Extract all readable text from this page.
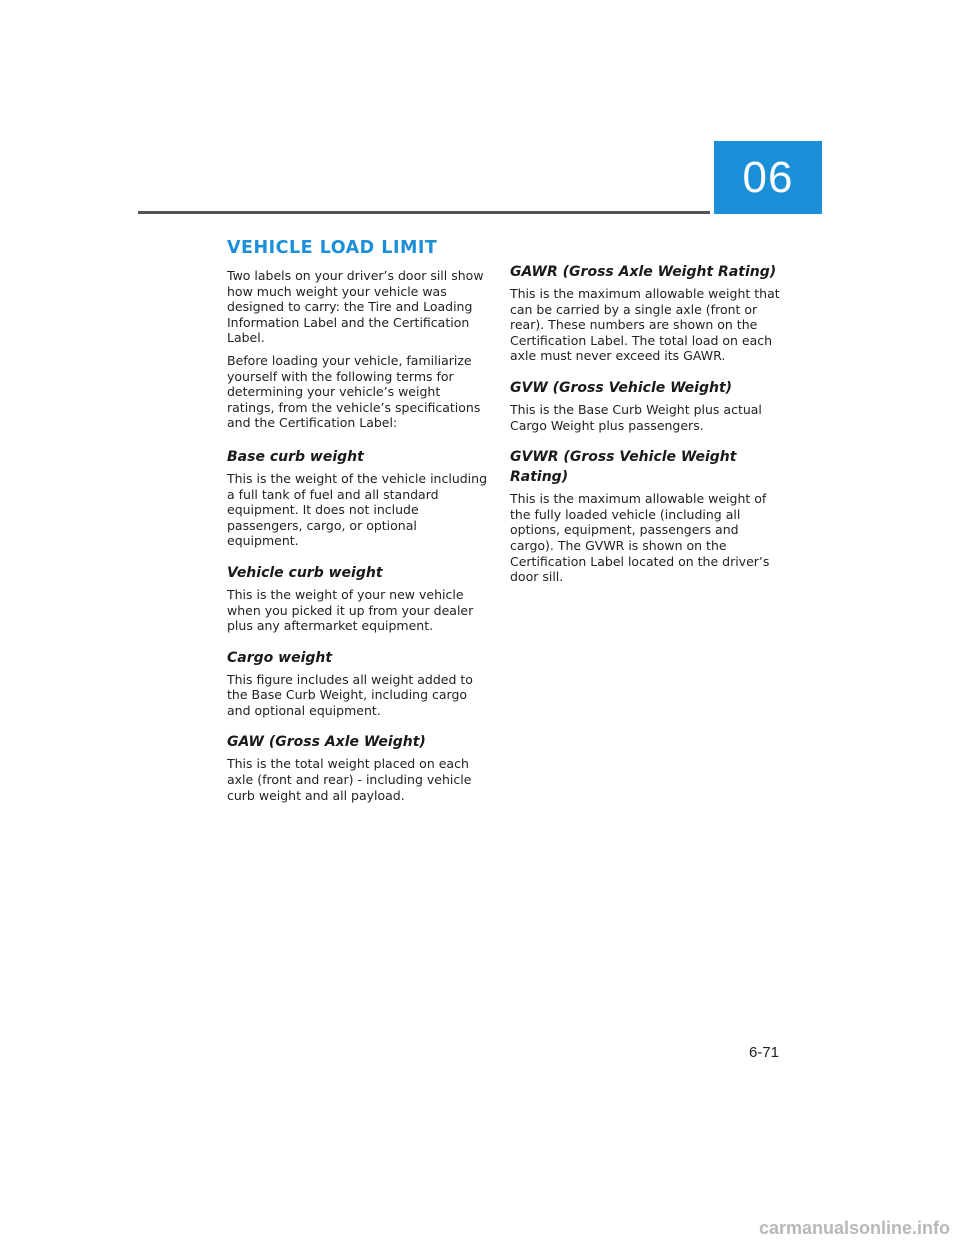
06
VEHICLE LOAD LIMIT

Two labels on your driver’s door sill show how much weight your vehicle was designed to carry: the Tire and Loading Information Label and the Certification Label.

Before loading your vehicle, familiarize yourself with the following terms for determining your vehicle’s weight ratings, from the vehicle’s specifications and the Certification Label:

Base curb weight

This is the weight of the vehicle including a full tank of fuel and all standard equipment. It does not include passengers, cargo, or optional equipment.

Vehicle curb weight

This is the weight of your new vehicle when you picked it up from your dealer plus any aftermarket equipment.

Cargo weight

This figure includes all weight added to the Base Curb Weight, including cargo and optional equipment.

GAW (Gross Axle Weight)

This is the total weight placed on each axle (front and rear) - including vehicle curb weight and all payload.

GAWR (Gross Axle Weight Rating)

This is the maximum allowable weight that can be carried by a single axle (front or rear). These numbers are shown on the Certification Label. The total load on each axle must never exceed its GAWR.

GVW (Gross Vehicle Weight)

This is the Base Curb Weight plus actual Cargo Weight plus passengers.

GVWR (Gross Vehicle Weight Rating)

This is the maximum allowable weight of the fully loaded vehicle (including all options, equipment, passengers and cargo). The GVWR is shown on the Certification Label located on the driver’s door sill.

6-71
carmanualsonline.info
